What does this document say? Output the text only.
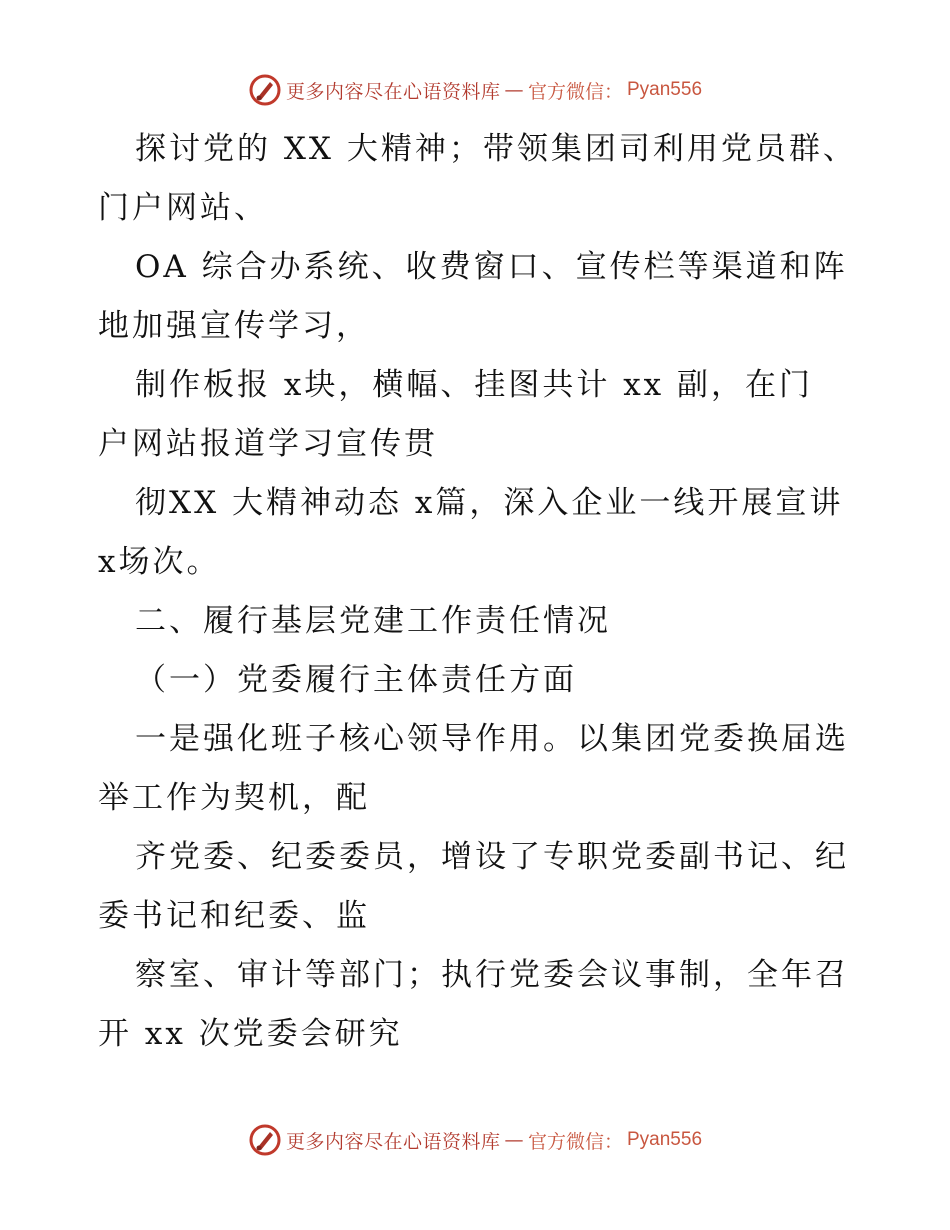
更多内容尽在心语资料库 — 官方微信： Pyan556

探讨党的 XX 大精神；带领集团司利用党员群、

门户网站、

OA 综合办系统、收费窗口、宣传栏等渠道和阵

地加强宣传学习，

制作板报 x块，横幅、挂图共计 xx 副，在门

户网站报道学习宣传贯

彻XX 大精神动态 x篇，深入企业一线开展宣讲

x场次。

二、履行基层党建工作责任情况

（一）党委履行主体责任方面

一是强化班子核心领导作用。以集团党委换届选

举工作为契机，配

齐党委、纪委委员，增设了专职党委副书记、纪

委书记和纪委、监

察室、审计等部门；执行党委会议事制，全年召

开 xx 次党委会研究

更多内容尽在心语资料库 — 官方微信： Pyan556
